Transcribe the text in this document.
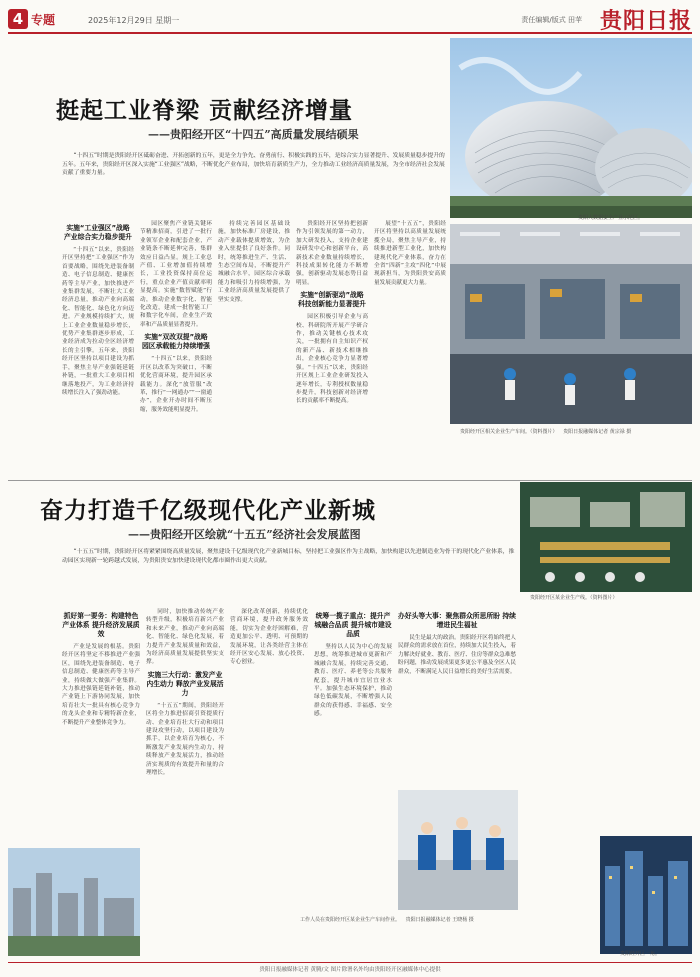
4 专题	2025年12月29日 星期一	责任编辑/版式 田苹 贵阳日报
挺起工业脊梁 贡献经济增量
——贵阳经开区“十四五”高质量发展结硕果
贵阳大数据安全产业示范区。
“十四五”时期是贵阳经开区砥砺奋进、开拓创新的五年，更是全力争先、奋勇前行、积极实践的五年，是综合实力显著提升、发展质量稳步提升的五年。五年来，贵阳经开区深入实施“工业强区”战略，不断优化产业布局，加快培育新质生产力，全力推动工业经济高质量发展，为全市经济社会发展贡献了重要力量。
实施“工业强区”战略 产业综合实力稳步提升

“十四五”以来，贵阳经开区坚持把“工业强区”作为首要战略，围绕先进装备制造、电子信息制造、健康医药等主导产业，加快推进产业集群发展，不断壮大工业经济总量，推动产业向高端化、智能化、绿色化方向迈进。产业规模持续扩大，规上工业企业数量稳步增长，优势产业集群逐步形成，工业经济成为拉动全区经济增长的主引擎。五年来，贵阳经开区坚持以项目建设为抓手，聚焦主导产业强链延链补链，一批重大工业项目相继落地投产，为工业经济持续增长注入了强劲动能。

园区聚焦产业链关键环节精准招商，引进了一批行业领军企业和配套企业，产业链条不断延伸完善，集群效应日益凸显。规上工业总产值、工业增加值持续增长，工业投资保持高位运行，重点企业产值贡献率明显提高。实施“数智赋能”行动，推动企业数字化、智能化改造，建成一批智能工厂和数字化车间，企业生产效率和产品质量显著提升。

实施“双改双提”战略 园区承载能力持续增强

“十四五”以来，贵阳经开区以改革为突破口，不断优化营商环境，提升园区承载能力。深化“放管服”改革，推行“一网通办”“一窗通办”，企业开办时间不断压缩，服务效能明显提升。

持续完善园区基础设施，加快标准厂房建设，推动产业载体提质增效，为企业入驻提供了良好条件。同时，统筹推进生产、生活、生态空间布局，不断提升产城融合水平，园区综合承载能力和吸引力持续增强，为工业经济高质量发展提供了坚实支撑。

贵阳经开区坚持把创新作为引领发展的第一动力，加大研发投入，支持企业建设研发中心和创新平台，高新技术企业数量持续增长，科技成果转化能力不断增强，创新驱动发展态势日益明显。

实施“创新驱动”战略 科技创新能力显著提升

园区积极引导企业与高校、科研院所开展产学研合作，推动关键核心技术攻关，一批拥有自主知识产权的新产品、新技术相继推出，企业核心竞争力显著增强。“十四五”以来，贵阳经开区规上工业企业研发投入逐年增长，专利授权数量稳步提升，科技创新对经济增长的贡献率不断提高。

展望“十五五”，贵阳经开区将坚持以高质量发展统揽全局，聚焦主导产业，持续推进新型工业化，加快构建现代化产业体系，奋力在全省“四新”主攻“四化”中展现新担当，为贵阳贵安高质量发展贡献更大力量。

贵阳经开区相关企业生产车间。（资料图片） 贵阳日报融媒体记者 黄宗禄 摄
奋力打造千亿级现代化产业新城
——贵阳经开区绘就“十五五”经济社会发展蓝图
贵阳经开区某企业生产线。（资料图片）
“十五五”时期，贵阳经开区将紧紧围绕高质量发展，聚焦建设千亿级现代化产业新城目标，坚持把工业强区作为主战略，加快构建以先进制造业为骨干的现代化产业体系，推动园区实现新一轮跨越式发展，为贵阳贵安加快建设现代化都市圈作出更大贡献。
抓好第一要务：构建特色产业体系 提升经济发展质效

产业是发展的根基。贵阳经开区将坚定不移推进产业强区，围绕先进装备制造、电子信息制造、健康医药等主导产业，持续做大做强产业集群。大力推进强链延链补链，推动产业链上下游协同发展，加快培育壮大一批具有核心竞争力的龙头企业和专精特新企业，不断提升产业整体竞争力。

同时，加快推动传统产业转型升级，积极培育新兴产业和未来产业，推动产业向高端化、智能化、绿色化发展，着力提升产业发展质量和效益，为经济高质量发展提供坚实支撑。

实施三大行动：激发产业内生动力 释放产业发展活力

“十五五”期间，贵阳经开区将全力推进招商引资提质行动、企业培育壮大行动和项目建设攻坚行动，以项目建设为抓手，以企业培育为核心，不断激发产业发展内生动力，持续释放产业发展活力，推动经济实现质的有效提升和量的合理增长。

深化改革创新，持续优化营商环境，提升政务服务效能，切实为企业纾困解难，营造更加公平、透明、可预期的发展环境，让各类经营主体在经开区安心发展、放心投资、专心创业。

统筹一揽子重点：提升产城融合品质 提升城市建设品质

坚持以人民为中心的发展思想，统筹推进城市更新和产城融合发展，持续完善交通、教育、医疗、养老等公共服务配套，提升城市宜居宜业水平。加强生态环境保护，推动绿色低碳发展，不断增强人民群众的获得感、幸福感、安全感。

办好头等大事：聚焦群众所思所盼 持续增进民生福祉

民生是最大的政治。贵阳经开区将始终把人民群众的需求放在首位，持续加大民生投入，着力解决好就业、教育、医疗、住房等群众急难愁盼问题，推动发展成果更多更公平惠及全区人民群众，不断满足人民日益增长的美好生活需要。

工作人员在贵阳经开区某企业生产车间作业。 贵阳日报融媒体记者 王晓杨 摄
贵阳经开区一角。
贵阳日报融媒体记者 黄腾/文 图片除署名外均由贵阳经开区融媒体中心提供
